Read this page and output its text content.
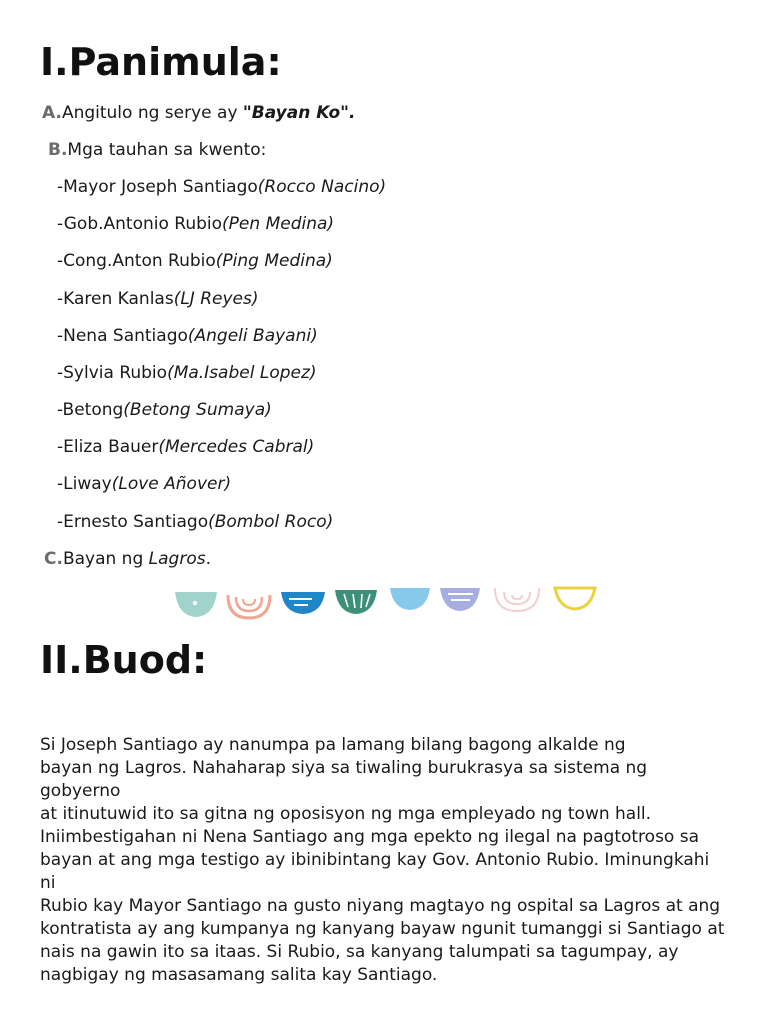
I.Panimula:
A.Angitulo ng serye ay "Bayan Ko".
B.Mga tauhan sa kwento:
-Mayor Joseph Santiago(Rocco Nacino)
-Gob.Antonio Rubio(Pen Medina)
-Cong.Anton Rubio(Ping Medina)
-Karen Kanlas(LJ Reyes)
-Nena Santiago(Angeli Bayani)
-Sylvia Rubio(Ma.Isabel Lopez)
-Betong(Betong Sumaya)
-Eliza Bauer(Mercedes Cabral)
-Liway(Love Añover)
-Ernesto Santiago(Bombol Roco)
C.Bayan ng Lagros.
II.Buod:

Si Joseph Santiago ay nanumpa pa lamang bilang bagong alkalde ng
bayan ng Lagros. Nahaharap siya sa tiwaling burukrasya sa sistema ng gobyerno
at itinutuwid ito sa gitna ng oposisyon ng mga empleyado ng town hall.
Iniimbestigahan ni Nena Santiago ang mga epekto ng ilegal na pagtotroso sa
bayan at ang mga testigo ay ibinibintang kay Gov. Antonio Rubio. Iminungkahi ni
Rubio kay Mayor Santiago na gusto niyang magtayo ng ospital sa Lagros at ang
kontratista ay ang kumpanya ng kanyang bayaw ngunit tumanggi si Santiago at
nais na gawin ito sa itaas. Si Rubio, sa kanyang talumpati sa tagumpay, ay
nagbigay ng masasamang salita kay Santiago.
